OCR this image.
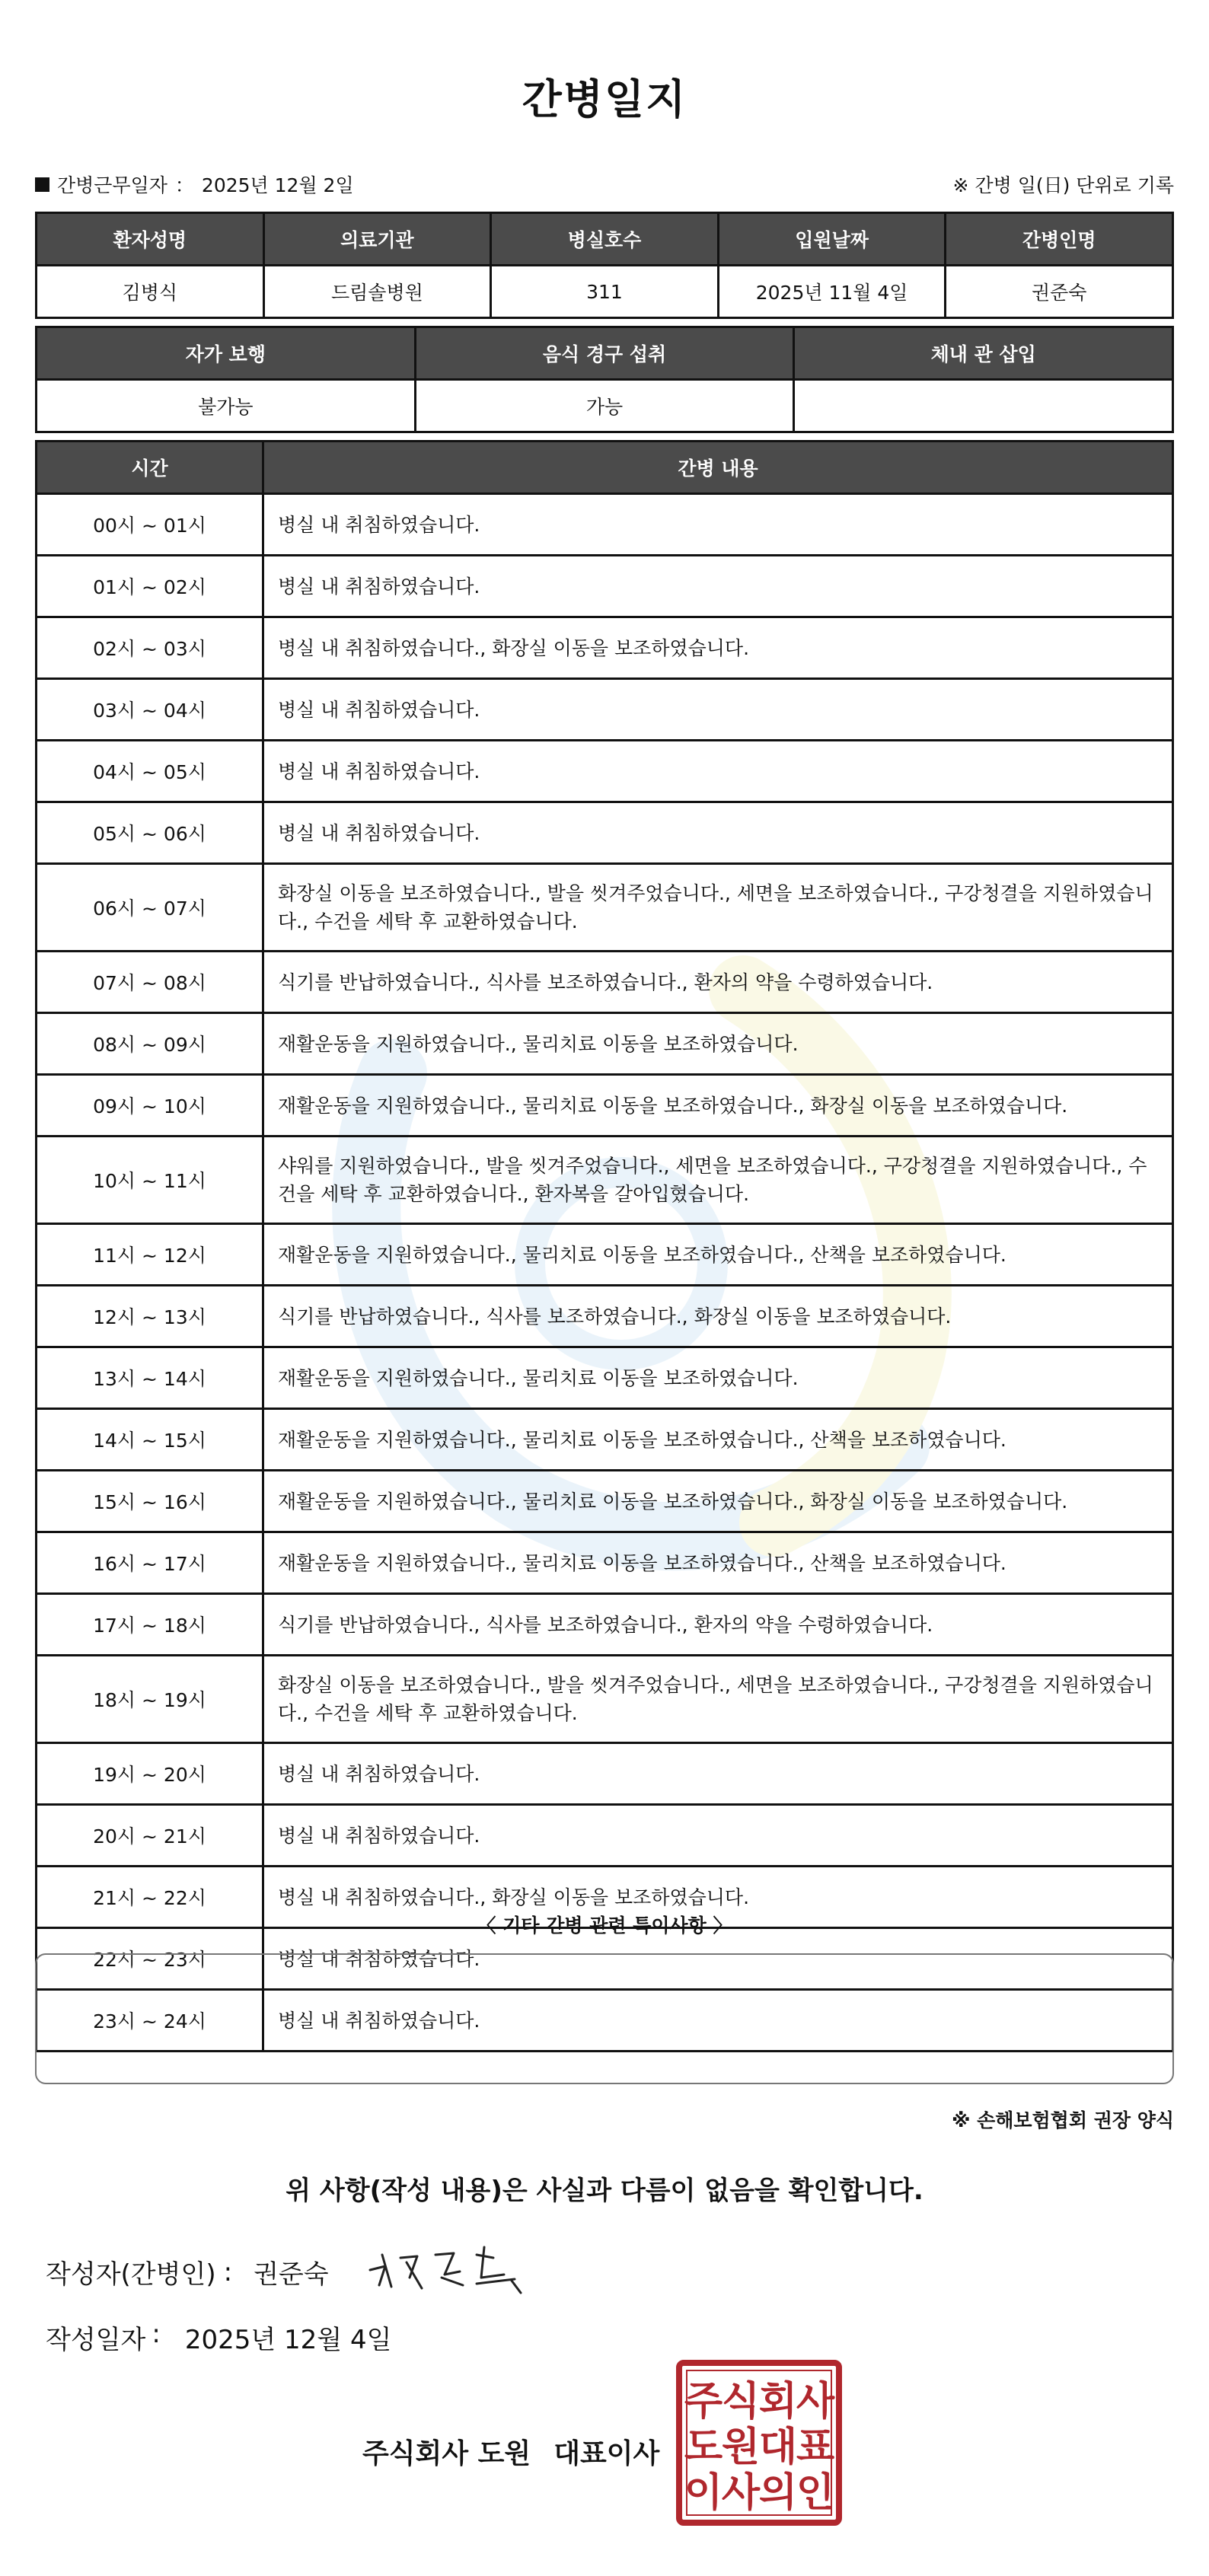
간병일지
간병근무일자 ： 2025년 12월 2일	※ 간병 일(日) 단위로 기록
환자성명	의료기관	병실호수	입원날짜	간병인명
김병식	드림솔병원	311	2025년 11월 4일	권준숙
자가 보행	음식 경구 섭취	체내 관 삽입
불가능	가능	
시간	간병 내용
00시 ~ 01시	병실 내 취침하였습니다.
01시 ~ 02시	병실 내 취침하였습니다.
02시 ~ 03시	병실 내 취침하였습니다., 화장실 이동을 보조하였습니다.
03시 ~ 04시	병실 내 취침하였습니다.
04시 ~ 05시	병실 내 취침하였습니다.
05시 ~ 06시	병실 내 취침하였습니다.
06시 ~ 07시	화장실 이동을 보조하였습니다., 발을 씻겨주었습니다., 세면을 보조하였습니다., 구강청결을 지원하였습니다., 수건을 세탁 후 교환하였습니다.
07시 ~ 08시	식기를 반납하였습니다., 식사를 보조하였습니다., 환자의 약을 수령하였습니다.
08시 ~ 09시	재활운동을 지원하였습니다., 물리치료 이동을 보조하였습니다.
09시 ~ 10시	재활운동을 지원하였습니다., 물리치료 이동을 보조하였습니다., 화장실 이동을 보조하였습니다.
10시 ~ 11시	샤워를 지원하였습니다., 발을 씻겨주었습니다., 세면을 보조하였습니다., 구강청결을 지원하였습니다., 수건을 세탁 후 교환하였습니다., 환자복을 갈아입혔습니다.
11시 ~ 12시	재활운동을 지원하였습니다., 물리치료 이동을 보조하였습니다., 산책을 보조하였습니다.
12시 ~ 13시	식기를 반납하였습니다., 식사를 보조하였습니다., 화장실 이동을 보조하였습니다.
13시 ~ 14시	재활운동을 지원하였습니다., 물리치료 이동을 보조하였습니다.
14시 ~ 15시	재활운동을 지원하였습니다., 물리치료 이동을 보조하였습니다., 산책을 보조하였습니다.
15시 ~ 16시	재활운동을 지원하였습니다., 물리치료 이동을 보조하였습니다., 화장실 이동을 보조하였습니다.
16시 ~ 17시	재활운동을 지원하였습니다., 물리치료 이동을 보조하였습니다., 산책을 보조하였습니다.
17시 ~ 18시	식기를 반납하였습니다., 식사를 보조하였습니다., 환자의 약을 수령하였습니다.
18시 ~ 19시	화장실 이동을 보조하였습니다., 발을 씻겨주었습니다., 세면을 보조하였습니다., 구강청결을 지원하였습니다., 수건을 세탁 후 교환하였습니다.
19시 ~ 20시	병실 내 취침하였습니다.
20시 ~ 21시	병실 내 취침하였습니다.
21시 ~ 22시	병실 내 취침하였습니다., 화장실 이동을 보조하였습니다.
22시 ~ 23시	병실 내 취침하였습니다.
23시 ~ 24시	병실 내 취침하였습니다.
〈 기타 간병 관련 특이사항 〉
※ 손해보험협회 권장 양식
위 사항(작성 내용)은 사실과 다름이 없음을 확인합니다.
작성자(간병인) : 권준숙
작성일자 : 2025년 12월 4일
주식회사 도원 대표이사
주
식
회
사
도
원
대
표
이
사
의
인
